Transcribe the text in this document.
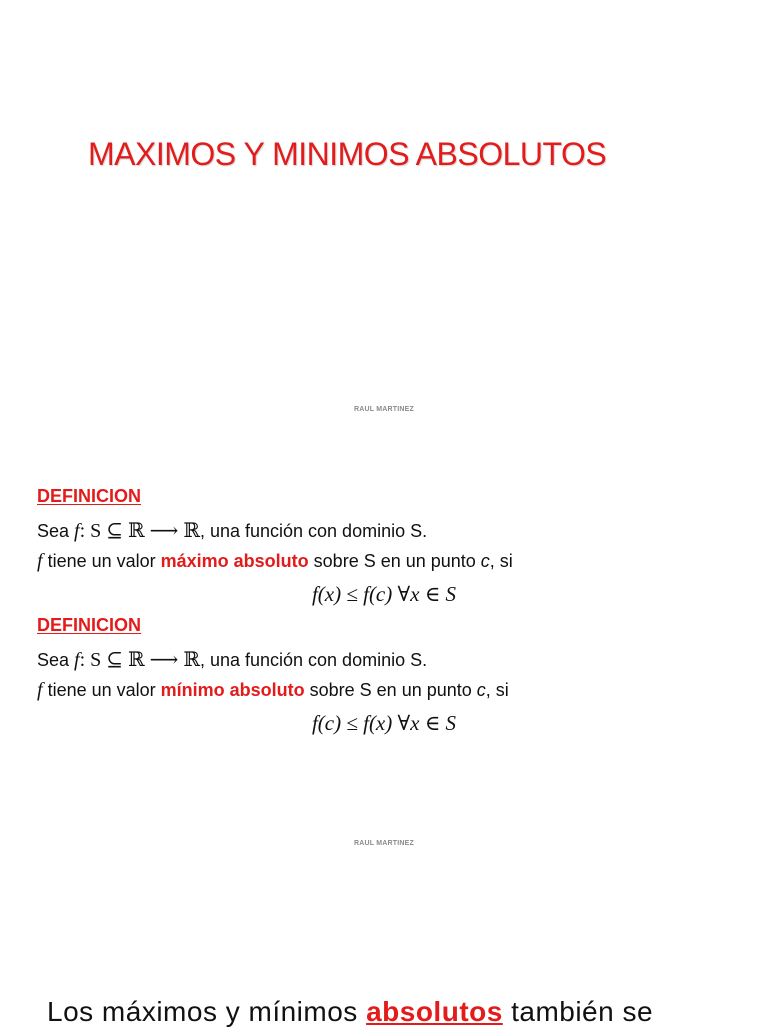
MAXIMOS Y MINIMOS ABSOLUTOS
RAUL MARTINEZ
DEFINICION
Sea f: S ⊆ ℝ ⟶ ℝ, una función con dominio S.
f tiene un valor máximo absoluto sobre S en un punto c, si
f(x) ≤ f(c) ∀x ∈ S
DEFINICION
Sea f: S ⊆ ℝ ⟶ ℝ, una función con dominio S.
f tiene un valor mínimo absoluto sobre S en un punto c, si
f(c) ≤ f(x) ∀x ∈ S
RAUL MARTINEZ
Los máximos y mínimos absolutos también se
